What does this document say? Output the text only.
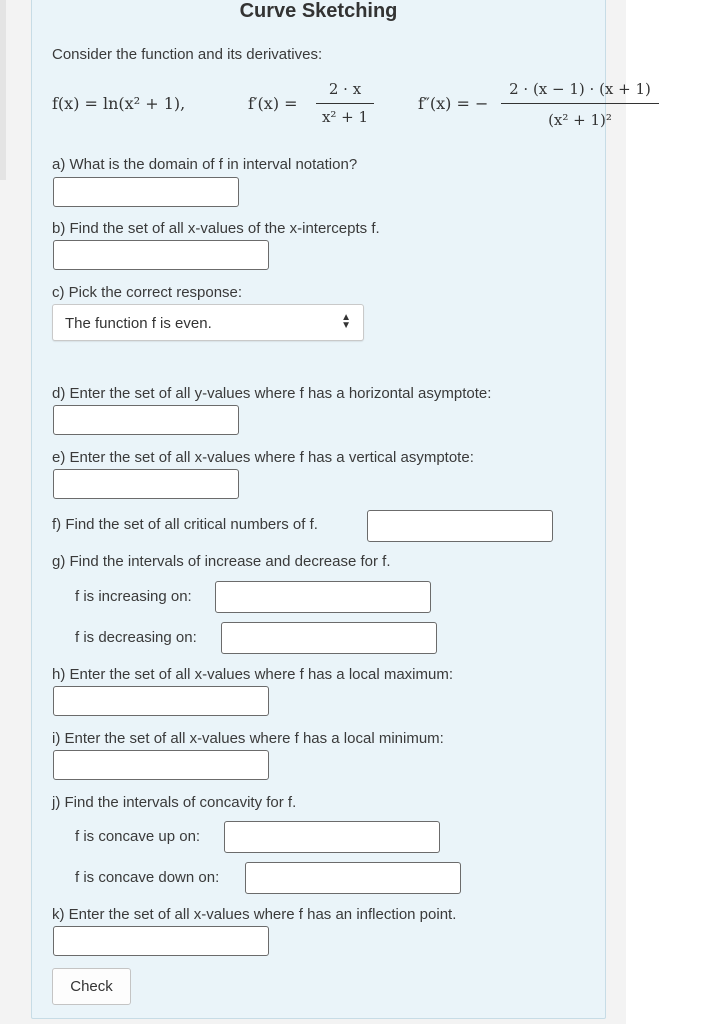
Curve Sketching
Consider the function and its derivatives:
f(x) = ln(x² + 1),	f′(x) =
2 · x
x² + 1
f″(x) = −
2 · (x − 1) · (x + 1)
(x² + 1)²
a) What is the domain of f in interval notation?
b) Find the set of all x-values of the x-intercepts f.
c) Pick the correct response:
d) Enter the set of all y-values where f has a horizontal asymptote:
e) Enter the set of all x-values where f has a vertical asymptote:
f) Find the set of all critical numbers of f.
g) Find the intervals of increase and decrease for f.
f is increasing on:
f is decreasing on:
h) Enter the set of all x-values where f has a local maximum:
i) Enter the set of all x-values where f has a local minimum:
j) Find the intervals of concavity for f.
f is concave up on:
f is concave down on:
k) Enter the set of all x-values where f has an inflection point.
The function f is even.	▲
▼
Check
